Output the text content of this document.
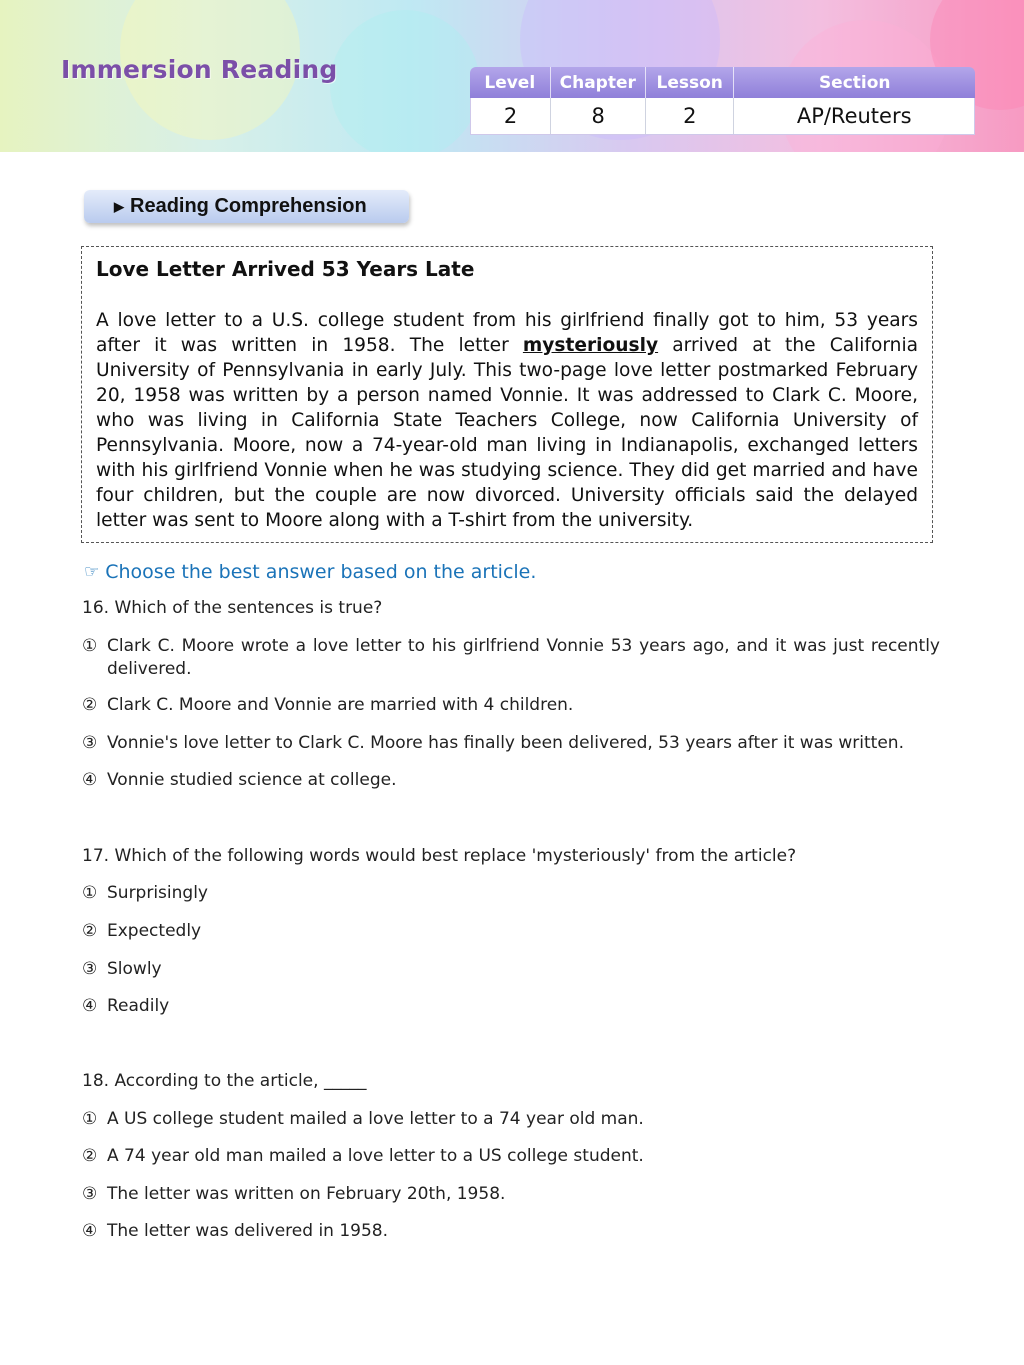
Immersion Reading	Level	Chapter	Lesson	Section
2	8	2	AP/Reuters
▶ Reading Comprehension
Love Letter Arrived 53 Years Late

A love letter to a U.S. college student from his girlfriend finally got to him, 53 years after it was written in 1958. The letter mysteriously arrived at the California University of Pennsylvania in early July. This two-page love letter postmarked February 20, 1958 was written by a person named Vonnie. It was addressed to Clark C. Moore, who was living in California State Teachers College, now California University of Pennsylvania. Moore, now a 74-year-old man living in Indianapolis, exchanged letters with his girlfriend Vonnie when he was studying science. They did get married and have four children, but the couple are now divorced. University officials said the delayed letter was sent to Moore along with a T-shirt from the university.

☞ Choose the best answer based on the article.
16. Which of the sentences is true?
① Clark C. Moore wrote a love letter to his girlfriend Vonnie 53 years ago, and it was just recently delivered.
② Clark C. Moore and Vonnie are married with 4 children.
③ Vonnie's love letter to Clark C. Moore has finally been delivered, 53 years after it was written.
④ Vonnie studied science at college.
17. Which of the following words would best replace 'mysteriously' from the article?
① Surprisingly
② Expectedly
③ Slowly
④ Readily
18. According to the article, _____
① A US college student mailed a love letter to a 74 year old man.
② A 74 year old man mailed a love letter to a US college student.
③ The letter was written on February 20th, 1958.
④ The letter was delivered in 1958.
